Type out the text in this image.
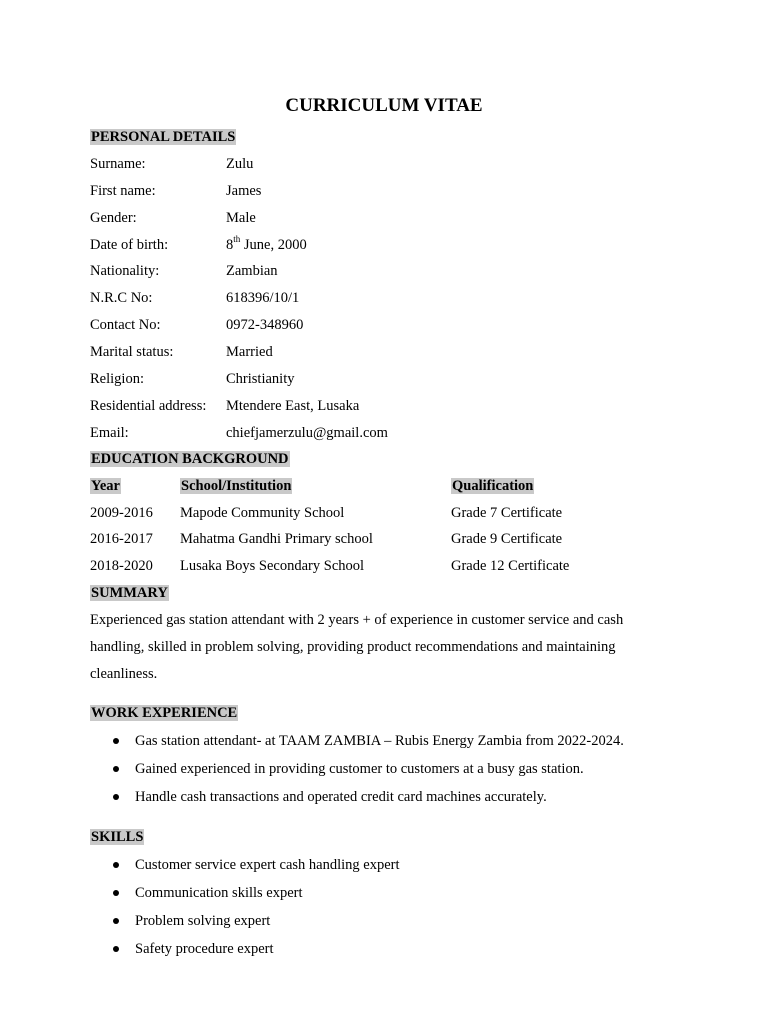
CURRICULUM VITAE
PERSONAL DETAILS
Surname:	Zulu
First name:	James
Gender:	Male
Date of birth:	8th June, 2000
Nationality:	Zambian
N.R.C No:	618396/10/1
Contact No:	0972-348960
Marital status:	Married
Religion:	Christianity
Residential address: Mtendere East, Lusaka
Email:	chiefjamerzulu@gmail.com
EDUCATION BACKGROUND
Year	School/Institution	Qualification
2009-2016 Mapode Community School	Grade 7 Certificate
2016-2017 Mahatma Gandhi Primary school	Grade 9 Certificate
2018-2020 Lusaka Boys Secondary School	Grade 12 Certificate
SUMMARY
Experienced gas station attendant with 2 years + of experience in customer service and cash
handling, skilled in problem solving, providing product recommendations and maintaining
cleanliness.
WORK EXPERIENCE
Gas station attendant- at TAAM ZAMBIA – Rubis Energy Zambia from 2022-2024.
Gained experienced in providing customer to customers at a busy gas station.
Handle cash transactions and operated credit card machines accurately.
SKILLS
Customer service expert cash handling expert
Communication skills expert
Problem solving expert
Safety procedure expert
